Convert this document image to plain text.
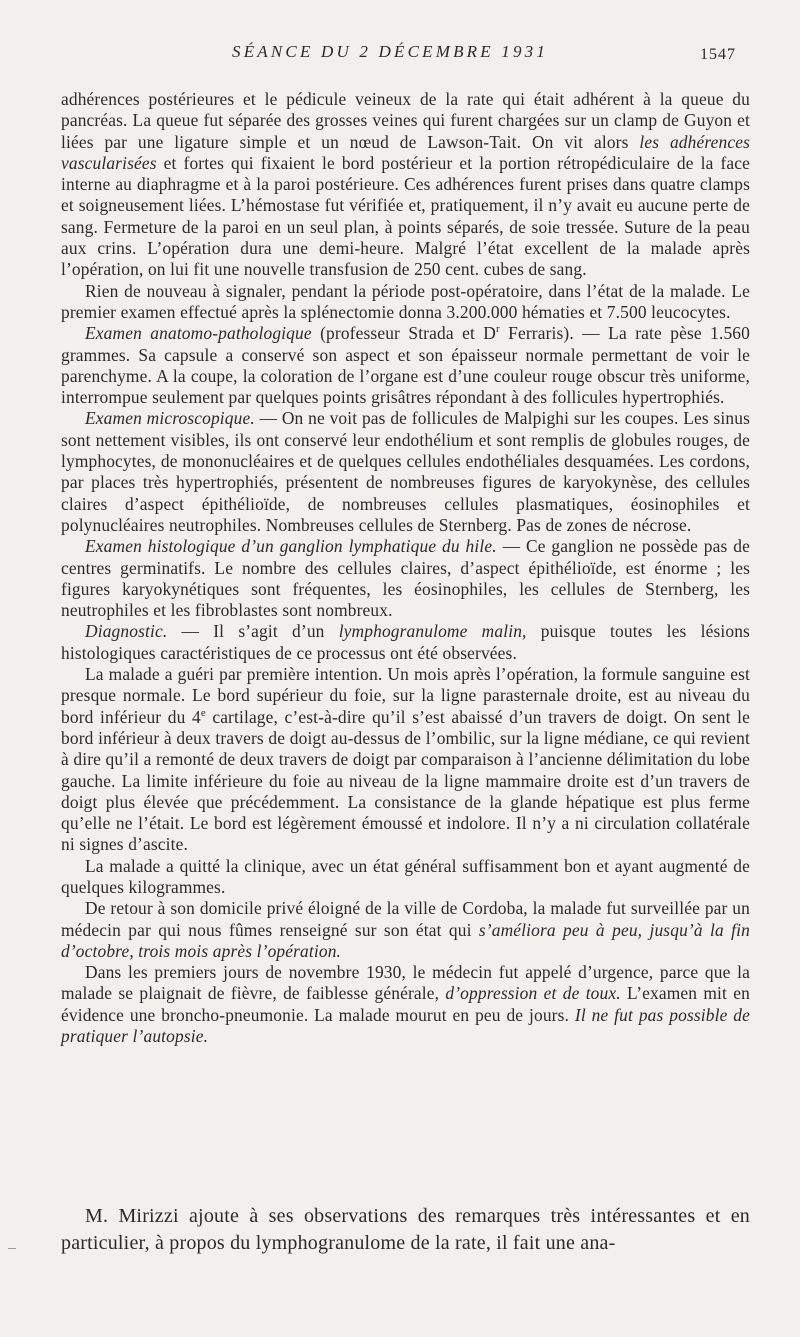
SÉANCE DU 2 DÉCEMBRE 1931	1547

adhérences postérieures et le pédicule veineux de la rate qui était adhérent à la queue du pancréas. La queue fut séparée des grosses veines qui furent chargées sur un clamp de Guyon et liées par une ligature simple et un nœud de Lawson-Tait. On vit alors les adhérences vascularisées et fortes qui fixaient le bord postérieur et la portion rétropédiculaire de la face interne au diaphragme et à la paroi postérieure. Ces adhérences furent prises dans quatre clamps et soigneusement liées. L’hémostase fut vérifiée et, pratiquement, il n’y avait eu aucune perte de sang. Fermeture de la paroi en un seul plan, à points séparés, de soie tressée. Suture de la peau aux crins. L’opération dura une demi-heure. Malgré l’état excellent de la malade après l’opération, on lui fit une nouvelle transfusion de 250 cent. cubes de sang.

Rien de nouveau à signaler, pendant la période post-opératoire, dans l’état de la malade. Le premier examen effectué après la splénectomie donna 3.200.000 hématies et 7.500 leucocytes.

Examen anatomo-pathologique (professeur Strada et $D^r$ Ferraris). — La rate pèse 1.560 grammes. Sa capsule a conservé son aspect et son épaisseur normale permettant de voir le parenchyme. A la coupe, la coloration de l’organe est d’une couleur rouge obscur très uniforme, interrompue seulement par quelques points grisâtres répondant à des follicules hypertrophiés.

Examen microscopique. — On ne voit pas de follicules de Malpighi sur les coupes. Les sinus sont nettement visibles, ils ont conservé leur endothélium et sont remplis de globules rouges, de lymphocytes, de mononucléaires et de quelques cellules endothéliales desquamées. Les cordons, par places très hypertrophiés, présentent de nombreuses figures de karyokynèse, des cellules claires d’aspect épithélioïde, de nombreuses cellules plasmatiques, éosinophiles et polynucléaires neutrophiles. Nombreuses cellules de Sternberg. Pas de zones de nécrose.

Examen histologique d’un ganglion lymphatique du hile. — Ce ganglion ne possède pas de centres germinatifs. Le nombre des cellules claires, d’aspect épithélioïde, est énorme ; les figures karyokynétiques sont fréquentes, les éosinophiles, les cellules de Sternberg, les neutrophiles et les fibroblastes sont nombreux.

Diagnostic. — Il s’agit d’un lymphogranulome malin, puisque toutes les lésions histologiques caractéristiques de ce processus ont été observées.

La malade a guéri par première intention. Un mois après l’opération, la formule sanguine est presque normale. Le bord supérieur du foie, sur la ligne parasternale droite, est au niveau du bord inférieur du 4e cartilage, c’est-à-dire qu’il s’est abaissé d’un travers de doigt. On sent le bord inférieur à deux travers de doigt au-dessus de l’ombilic, sur la ligne médiane, ce qui revient à dire qu’il a remonté de deux travers de doigt par comparaison à l’ancienne délimitation du lobe gauche. La limite inférieure du foie au niveau de la ligne mammaire droite est d’un travers de doigt plus élevée que précédemment. La consistance de la glande hépatique est plus ferme qu’elle ne l’était. Le bord est légèrement émoussé et indolore. Il n’y a ni circulation collatérale ni signes d’ascite.

La malade a quitté la clinique, avec un état général suffisamment bon et ayant augmenté de quelques kilogrammes.

De retour à son domicile privé éloigné de la ville de Cordoba, la malade fut surveillée par un médecin par qui nous fûmes renseigné sur son état qui s’améliora peu à peu, jusqu’à la fin d’octobre, trois mois après l’opération.

Dans les premiers jours de novembre 1930, le médecin fut appelé d’urgence, parce que la malade se plaignait de fièvre, de faiblesse générale, d’oppression et de toux. L’examen mit en évidence une broncho-pneumonie. La malade mourut en peu de jours. Il ne fut pas possible de pratiquer l’autopsie.

M. Mirizzi ajoute à ses observations des remarques très intéressantes et en particulier, à propos du lymphogranulome de la rate, il fait une ana-
